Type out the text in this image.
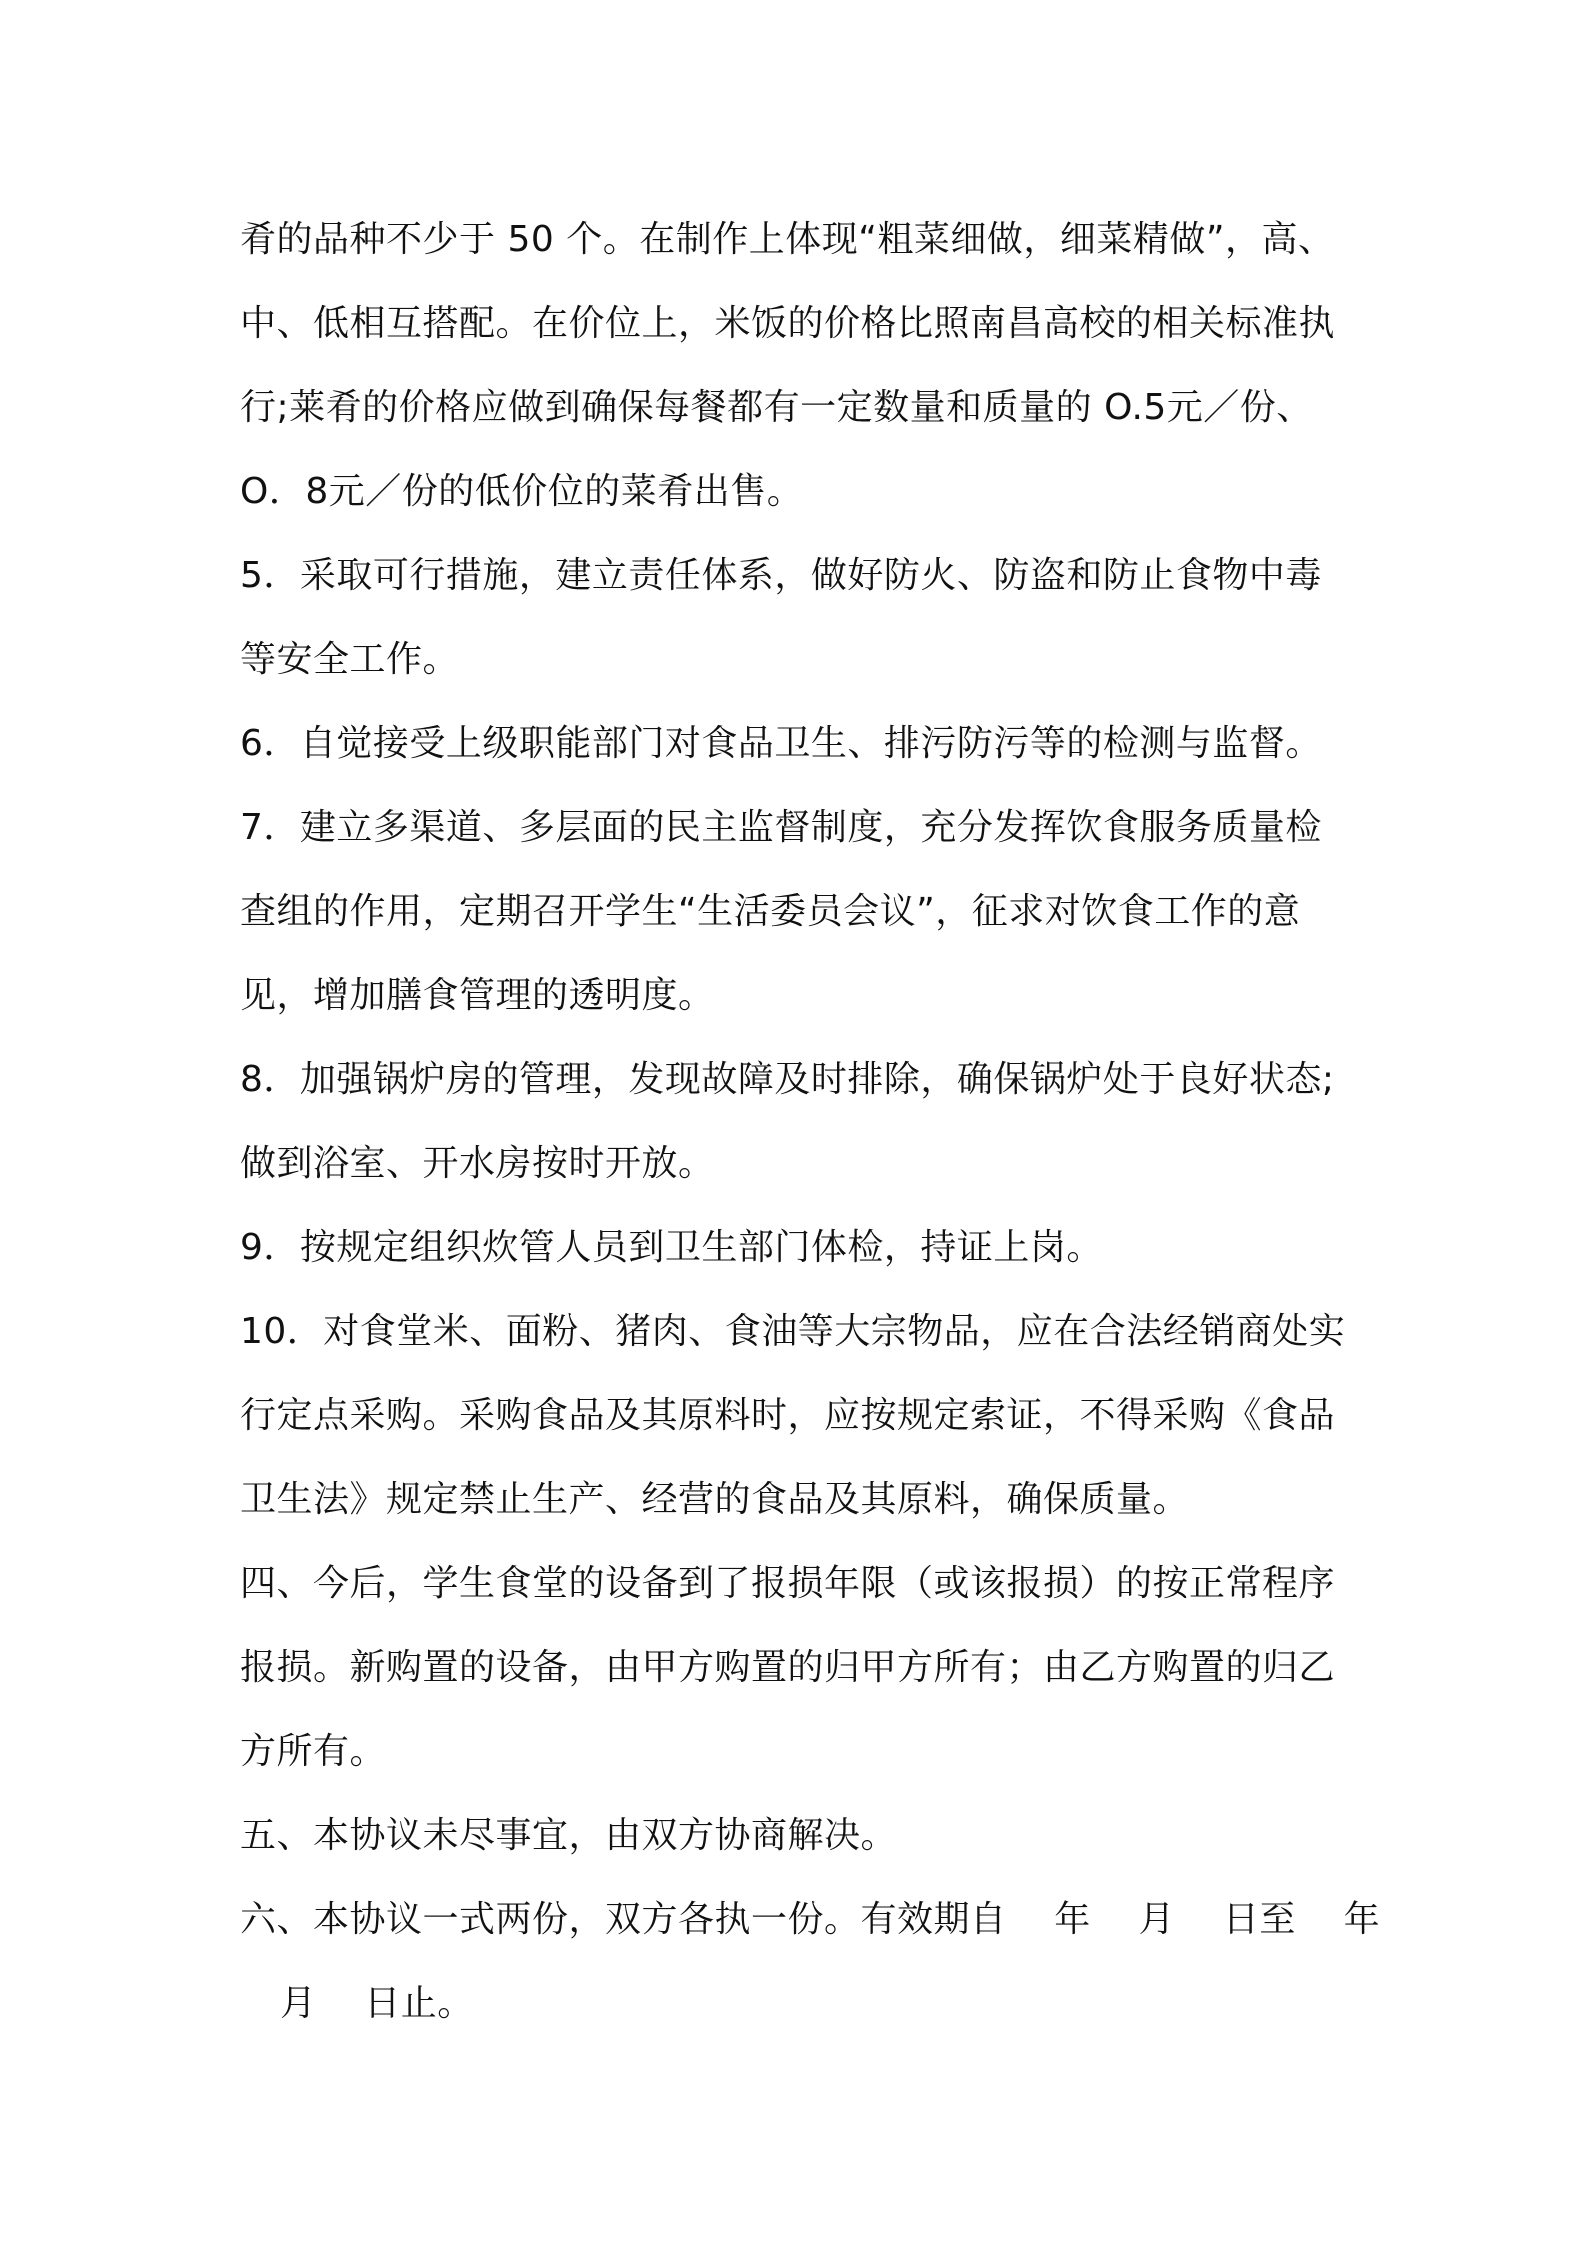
肴的品种不少于 50 个。在制作上体现“粗菜细做，细菜精做”，高、
中、低相互搭配。在价位上，米饭的价格比照南昌高校的相关标准执
行;莱肴的价格应做到确保每餐都有一定数量和质量的 O.5元／份、
O．8元／份的低价位的菜肴出售。
5．采取可行措施，建立责任体系，做好防火、防盗和防止食物中毒
等安全工作。
6．自觉接受上级职能部门对食品卫生、排污防污等的检测与监督。
7．建立多渠道、多层面的民主监督制度，充分发挥饮食服务质量检
查组的作用，定期召开学生“生活委员会议”，征求对饮食工作的意
见，增加膳食管理的透明度。
8．加强锅炉房的管理，发现故障及时排除，确保锅炉处于良好状态;
做到浴室、开水房按时开放。
9．按规定组织炊管人员到卫生部门体检，持证上岗。
10．对食堂米、面粉、猪肉、食油等大宗物品，应在合法经销商处实
行定点采购。采购食品及其原料时，应按规定索证，不得采购《食品
卫生法》规定禁止生产、经营的食品及其原料，确保质量。
四、今后，学生食堂的设备到了报损年限（或该报损）的按正常程序
报损。新购置的设备，由甲方购置的归甲方所有；由乙方购置的归乙
方所有。
五、本协议未尽事宜，由双方协商解决。
六、本协议一式两份，双方各执一份。有效期自    年    月    日至    年
月    日止。
